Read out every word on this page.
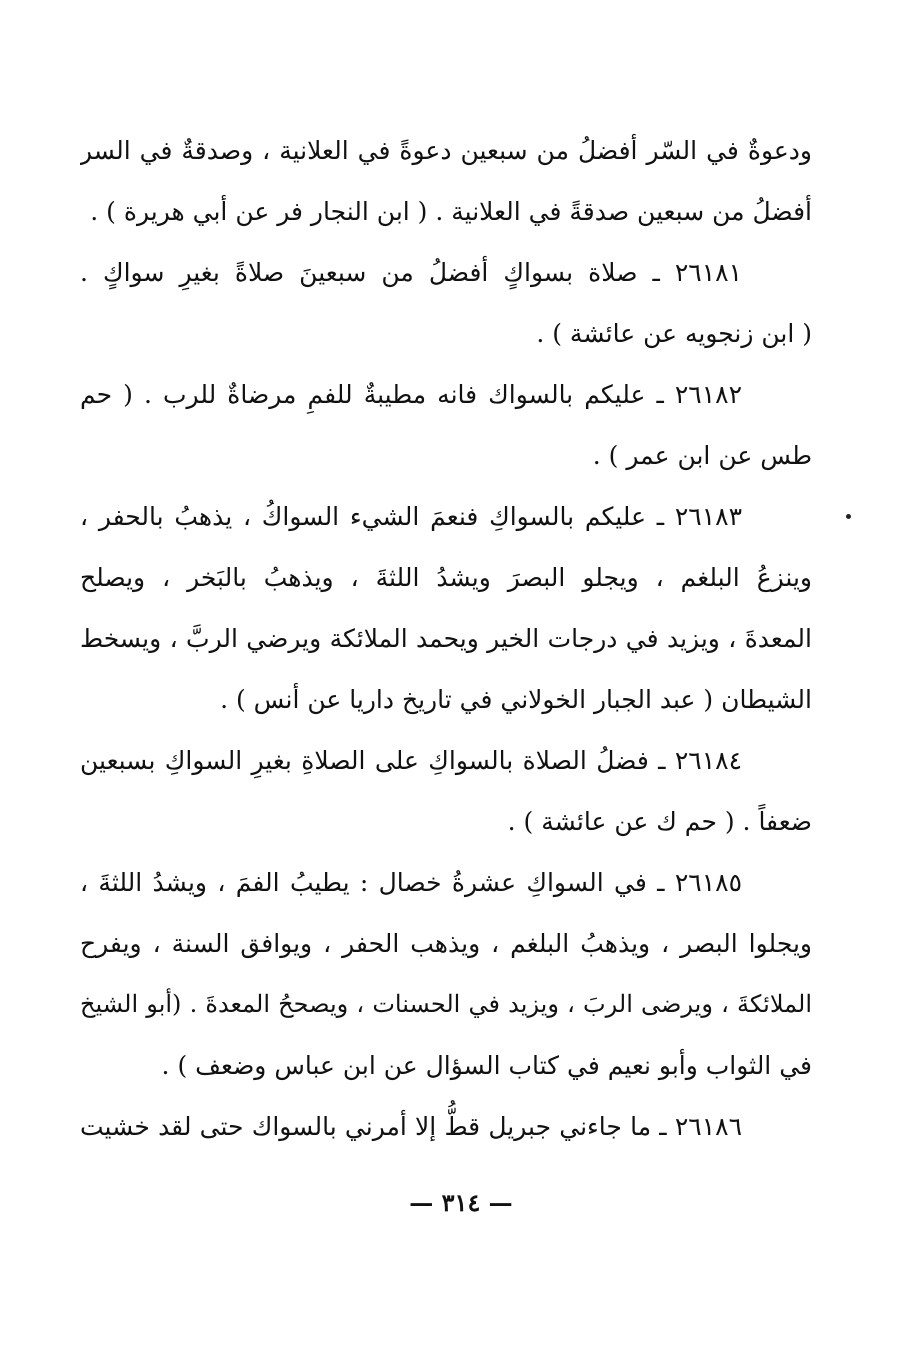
ودعوةٌ في السّر أفضلُ من سبعين دعوةً في العلانية ، وصدقةٌ في السر
أفضلُ من سبعين صدقةً في العلانية . ( ابن النجار فر عن أبي هريرة ) .
٢٦١٨١ ـ صلاة بسواكٍ أفضلُ من سبعينَ صلاةً بغيرِ سواكٍ .
( ابن زنجويه عن عائشة ) .
٢٦١٨٢ ـ عليكم بالسواك فانه مطيبةٌ للفمِ مرضاةٌ للرب . ( حم
طس عن ابن عمر ) .
٢٦١٨٣ ـ عليكم بالسواكِ فنعمَ الشيء السواكُ ، يذهبُ بالحفر ،
وينزعُ البلغم ، ويجلو البصرَ ويشدُ اللثةَ ، ويذهبُ بالبَخر ، ويصلح
المعدةَ ، ويزيد في درجات الخير ويحمد الملائكة ويرضي الربَّ ، ويسخط
الشيطان ( عبد الجبار الخولاني في تاريخ داريا عن أنس ) .
٢٦١٨٤ ـ فضلُ الصلاة بالسواكِ على الصلاةِ بغيرِ السواكِ بسبعين
ضعفاً . ( حم ك عن عائشة ) .
٢٦١٨٥ ـ في السواكِ عشرةُ خصال : يطيبُ الفمَ ، ويشدُ اللثةَ ،
ويجلوا البصر ، ويذهبُ البلغم ، ويذهب الحفر ، ويوافق السنة ، ويفرح
الملائكةَ ، ويرضى الربَ ، ويزيد في الحسنات ، ويصححُ المعدةَ . (أبو الشيخ
في الثواب وأبو نعيم في كتاب السؤال عن ابن عباس وضعف ) .
٢٦١٨٦ ـ ما جاءني جبريل قطُّ إلا أمرني بالسواك حتى لقد خشيت
— ٣١٤ —
